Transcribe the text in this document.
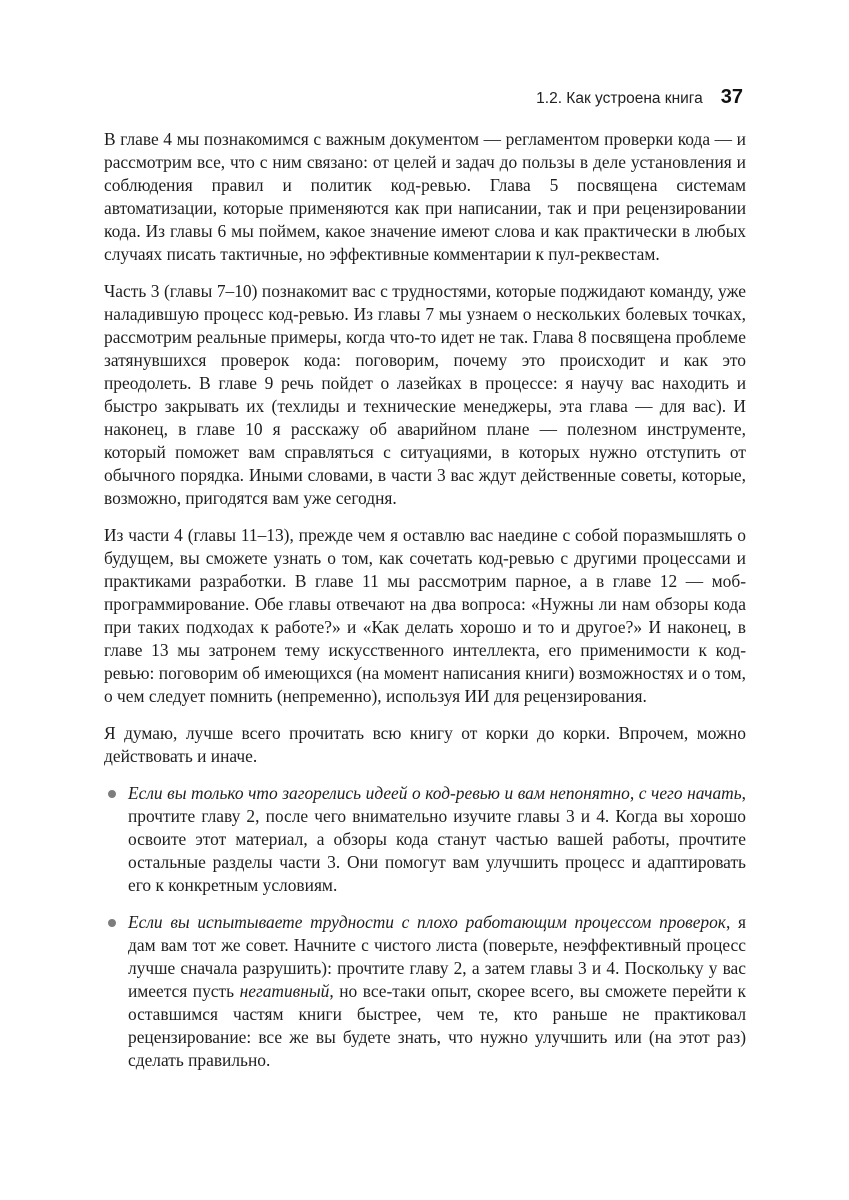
1.2. Как устроена книга 37

В главе 4 мы познакомимся с важным документом — регламентом проверки кода — и рассмотрим все, что с ним связано: от целей и задач до пользы в деле установления и соблюдения правил и политик код-ревью. Глава 5 посвящена системам автоматизации, которые применяются как при написании, так и при рецензировании кода. Из главы 6 мы поймем, какое значение имеют слова и как практически в любых случаях писать тактичные, но эффективные комментарии к пул-реквестам.

Часть 3 (главы 7–10) познакомит вас с трудностями, которые поджидают команду, уже наладившую процесс код-ревью. Из главы 7 мы узнаем о нескольких болевых точках, рассмотрим реальные примеры, когда что-то идет не так. Глава 8 посвящена проблеме затянувшихся проверок кода: поговорим, почему это происходит и как это преодолеть. В главе 9 речь пойдет о лазейках в процессе: я научу вас находить и быстро закрывать их (техлиды и технические менеджеры, эта глава — для вас). И наконец, в главе 10 я расскажу об аварийном плане — полезном инструменте, который поможет вам справляться с ситуациями, в которых нужно отступить от обычного порядка. Иными словами, в части 3 вас ждут действенные советы, которые, возможно, пригодятся вам уже сегодня.

Из части 4 (главы 11–13), прежде чем я оставлю вас наедине с собой поразмышлять о будущем, вы сможете узнать о том, как сочетать код-ревью с другими процессами и практиками разработки. В главе 11 мы рассмотрим парное, а в главе 12 — моб-программирование. Обе главы отвечают на два вопроса: «Нужны ли нам обзоры кода при таких подходах к работе?» и «Как делать хорошо и то и другое?» И наконец, в главе 13 мы затронем тему искусственного интеллекта, его применимости к код-ревью: поговорим об имеющихся (на момент написания книги) возможностях и о том, о чем следует помнить (непременно), используя ИИ для рецензирования.

Я думаю, лучше всего прочитать всю книгу от корки до корки. Впрочем, можно действовать и иначе.

Если вы только что загорелись идеей о код-ревью и вам непонятно, с чего начать, прочтите главу 2, после чего внимательно изучите главы 3 и 4. Когда вы хорошо освоите этот материал, а обзоры кода станут частью вашей работы, прочтите остальные разделы части 3. Они помогут вам улучшить процесс и адаптировать его к конкретным условиям.
Если вы испытываете трудности с плохо работающим процессом проверок, я дам вам тот же совет. Начните с чистого листа (поверьте, неэффективный процесс лучше сначала разрушить): прочтите главу 2, а затем главы 3 и 4. Поскольку у вас имеется пусть негативный, но все-таки опыт, скорее всего, вы сможете перейти к оставшимся частям книги быстрее, чем те, кто раньше не практиковал рецензирование: все же вы будете знать, что нужно улучшить или (на этот раз) сделать правильно.
